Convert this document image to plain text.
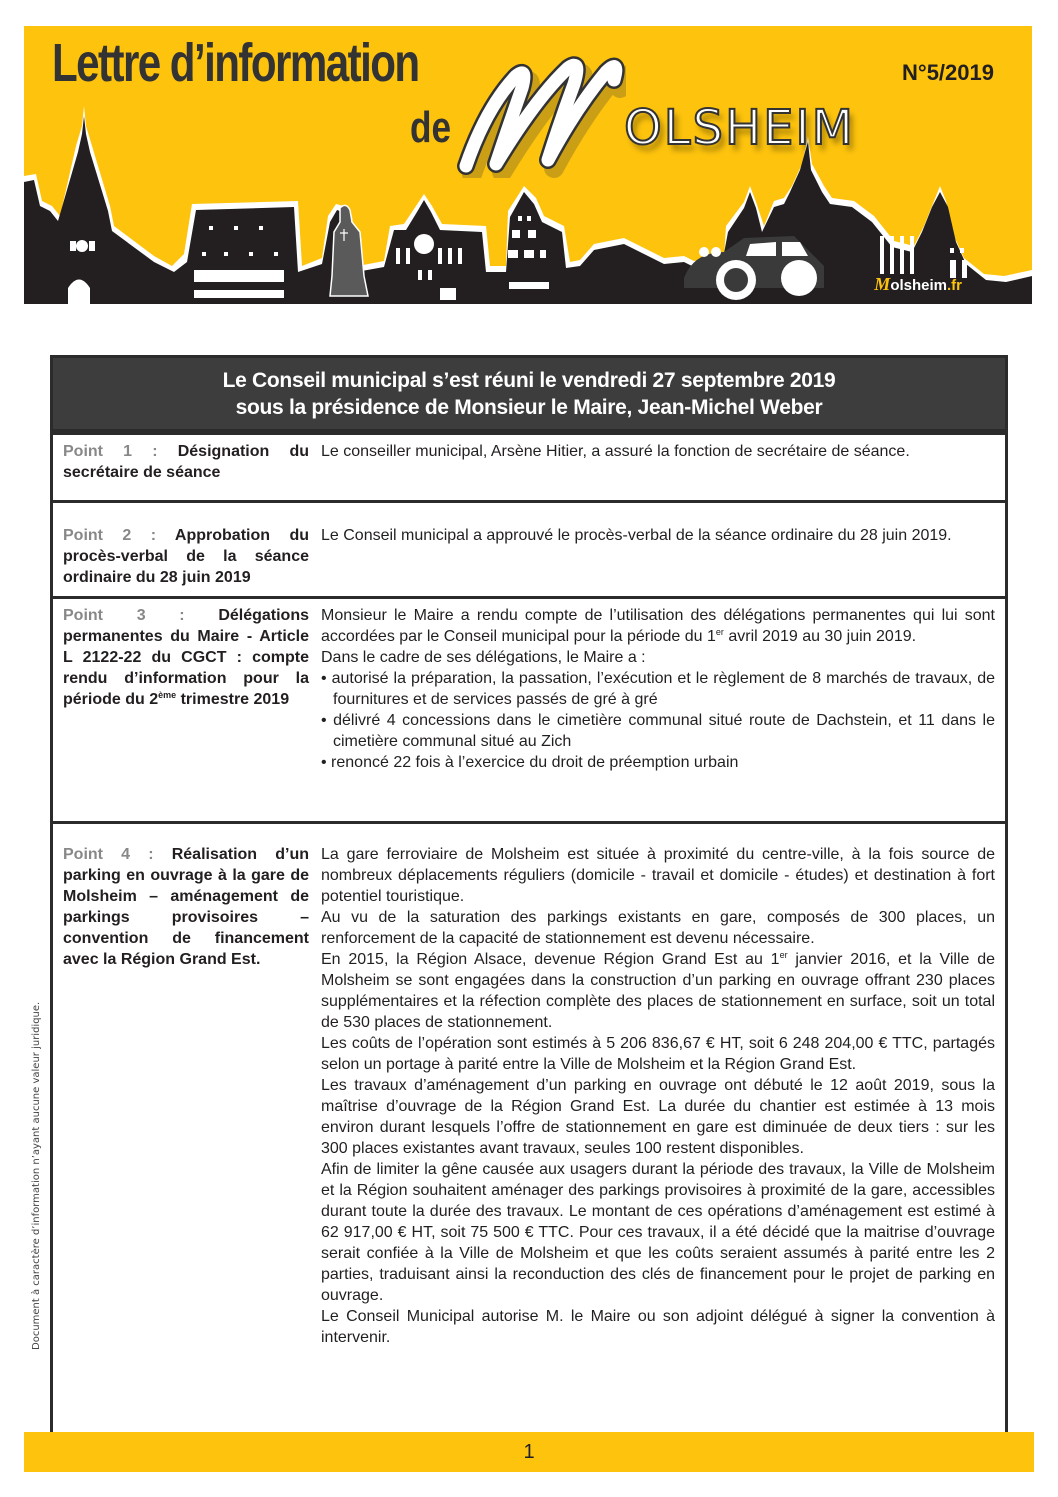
Lettre d’information
de	OLSHEIM
N°5/2019
Molsheim.fr
Document à caractère d’information n’ayant aucune valeur juridique.
Le Conseil municipal s’est réuni le vendredi 27 septembre 2019
sous la présidence de Monsieur le Maire, Jean-Michel Weber
Point 1 : Désignation du secrétaire de séance

Le conseiller municipal, Arsène Hitier, a assuré la fonction de secrétaire de séance.

Point 2 : Approbation du procès-verbal de la séance ordinaire du 28 juin 2019

Le Conseil municipal a approuvé le procès-verbal de la séance ordinaire du 28 juin 2019.

Point 3 : Délégations permanentes du Maire - Article L 2122-22 du CGCT : compte rendu d’information pour la période du 2ème trimestre 2019

Monsieur le Maire a rendu compte de l’utilisation des délégations permanentes qui lui sont accordées par le Conseil municipal pour la période du 1er avril 2019 au 30 juin 2019.

Dans le cadre de ses délégations, le Maire a :

• autorisé la préparation, la passation, l’exécution et le règlement de 8 marchés de travaux, de fournitures et de services passés de gré à gré
• délivré 4 concessions dans le cimetière communal situé route de Dachstein, et 11 dans le cimetière communal situé au Zich
• renoncé 22 fois à l’exercice du droit de préemption urbain
Point 4 : Réalisation d’un parking en ouvrage à la gare de Molsheim – aménagement de parkings provisoires – convention de financement avec la Région Grand Est.

La gare ferroviaire de Molsheim est située à proximité du centre-ville, à la fois source de nombreux déplacements réguliers (domicile - travail et domicile - études) et destination à fort potentiel touristique.

Au vu de la saturation des parkings existants en gare, composés de 300 places, un renforcement de la capacité de stationnement est devenu nécessaire.

En 2015, la Région Alsace, devenue Région Grand Est au 1er janvier 2016, et la Ville de Molsheim se sont engagées dans la construction d’un parking en ouvrage offrant 230 places supplémentaires et la réfection complète des places de stationnement en surface, soit un total de 530 places de stationnement.

Les coûts de l’opération sont estimés à 5 206 836,67 € HT, soit 6 248 204,00 € TTC, partagés selon un portage à parité entre la Ville de Molsheim et la Région Grand Est.

Les travaux d’aménagement d’un parking en ouvrage ont débuté le 12 août 2019, sous la maîtrise d’ouvrage de la Région Grand Est. La durée du chantier est estimée à 13 mois environ durant lesquels l’offre de stationnement en gare est diminuée de deux tiers : sur les 300 places existantes avant travaux, seules 100 restent disponibles.

Afin de limiter la gêne causée aux usagers durant la période des travaux, la Ville de Molsheim et la Région souhaitent aménager des parkings provisoires à proximité de la gare, accessibles durant toute la durée des travaux. Le montant de ces opérations d’aménagement est estimé à 62 917,00 € HT, soit 75 500 € TTC. Pour ces travaux, il a été décidé que la maitrise d’ouvrage serait confiée à la Ville de Molsheim et que les coûts seraient assumés à parité entre les 2 parties, traduisant ainsi la reconduction des clés de financement pour le projet de parking en ouvrage.

Le Conseil Municipal autorise M. le Maire ou son adjoint délégué à signer la convention à intervenir.

1
